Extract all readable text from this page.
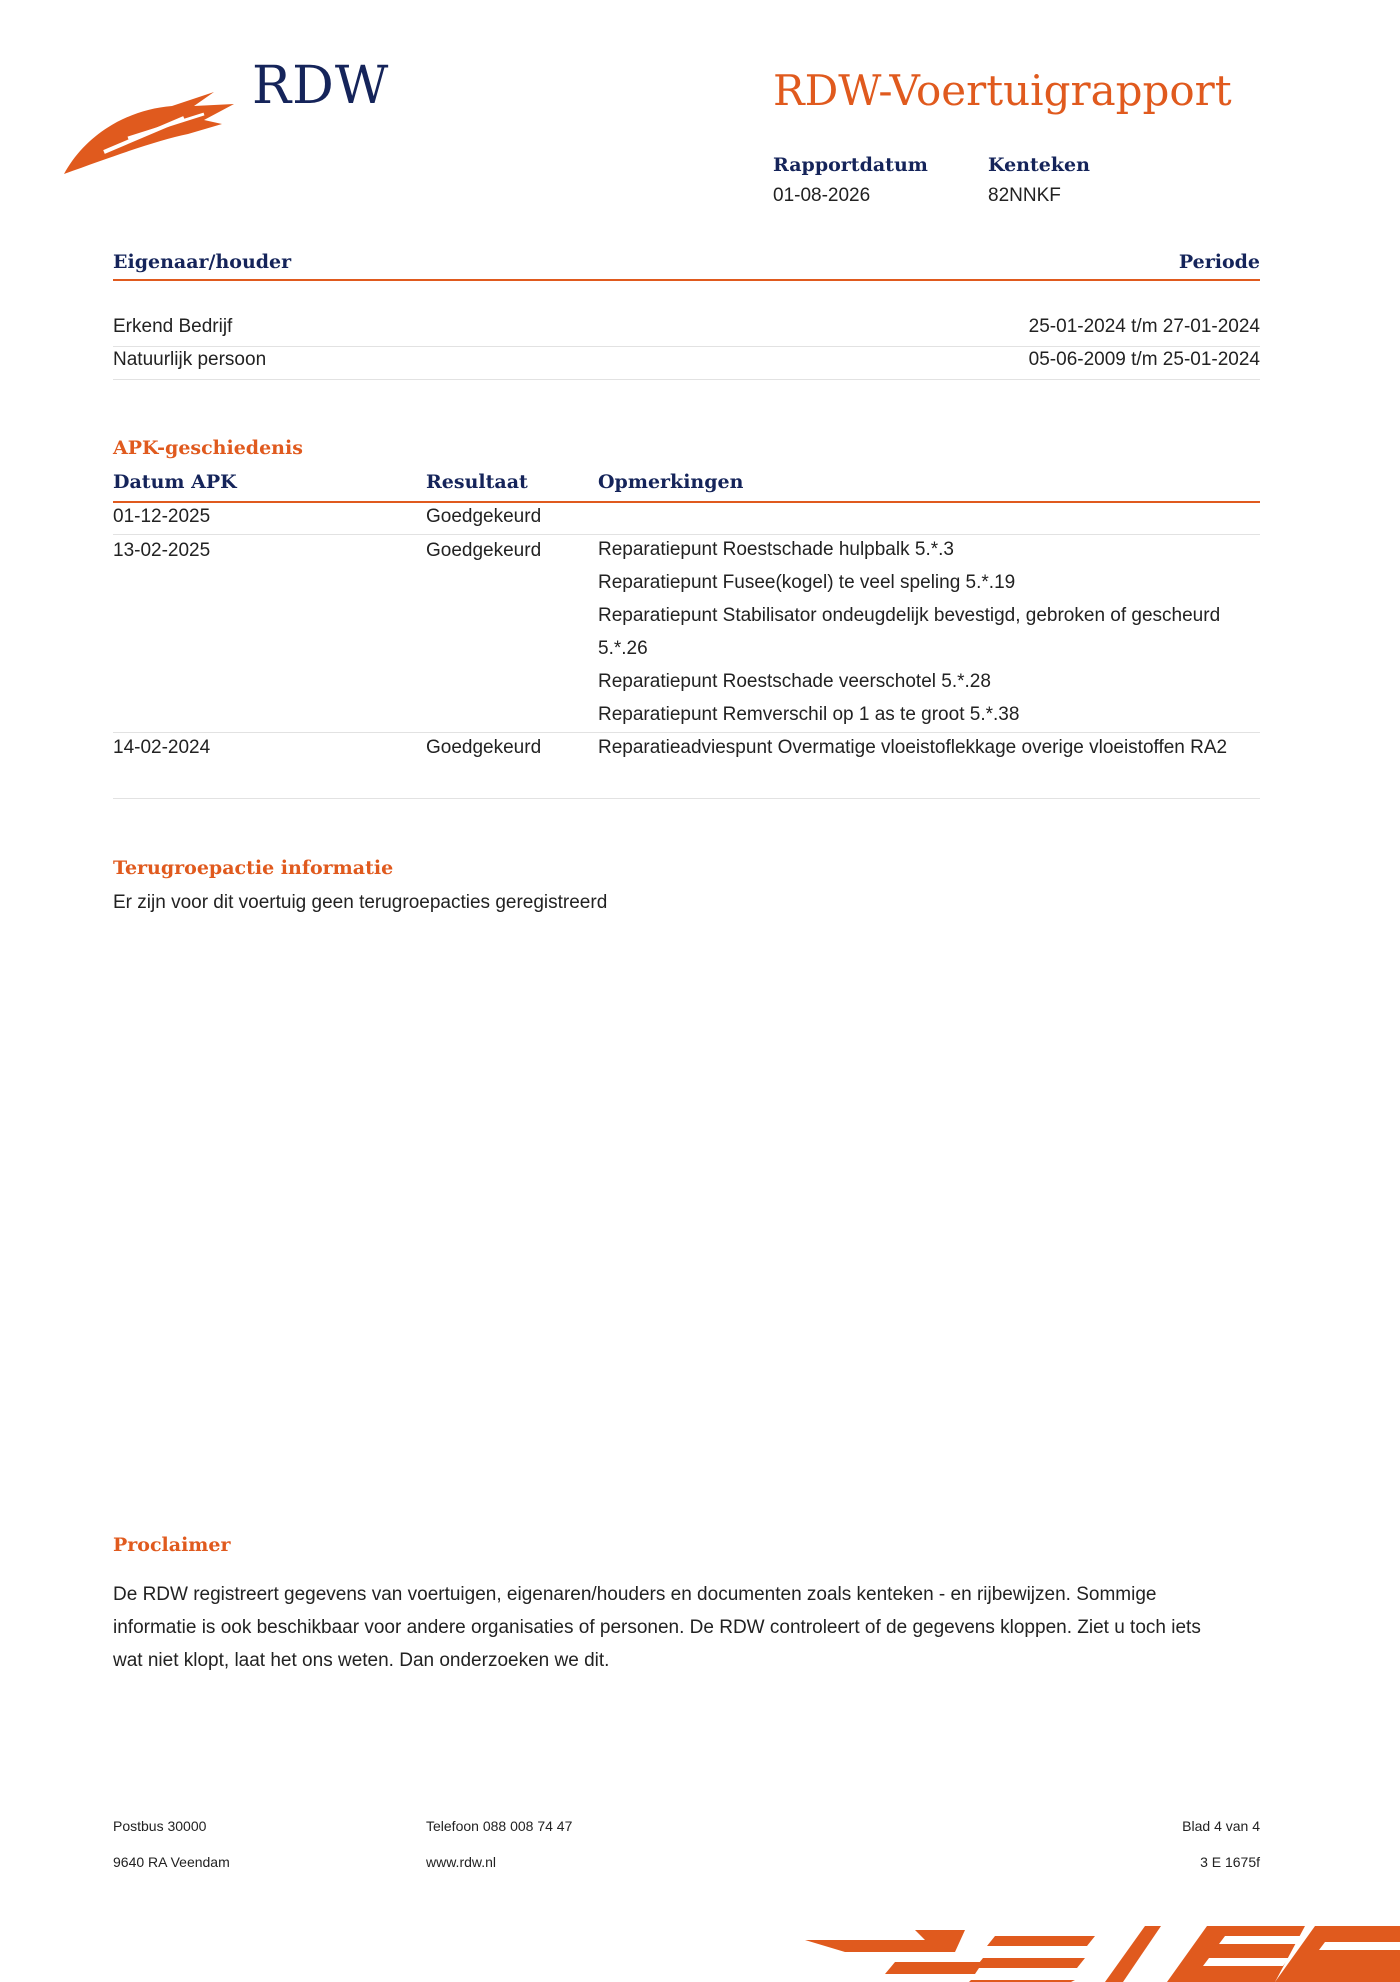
RDW	RDW-Voertuigrapport
Rapportdatum
01-08-2026
Kenteken
82NNKF
Eigenaar/houder	Periode
Erkend Bedrijf	25-01-2024 t/m 27-01-2024
Natuurlijk persoon	05-06-2009 t/m 25-01-2024
APK-geschiedenis
Datum APK	Resultaat	Opmerkingen
01-12-2025	Goedgekeurd
13-02-2025	Goedgekeurd	Reparatiepunt Roestschade hulpbalk 5.*.3
Reparatiepunt Fusee(kogel) te veel speling 5.*.19
Reparatiepunt Stabilisator ondeugdelijk bevestigd, gebroken of gescheurd 5.*.26
Reparatiepunt Roestschade veerschotel 5.*.28
Reparatiepunt Remverschil op 1 as te groot 5.*.38
14-02-2024	Goedgekeurd	Reparatieadviespunt Overmatige vloeistoflekkage overige vloeistoffen RA2
Terugroepactie informatie
Er zijn voor dit voertuig geen terugroepacties geregistreerd
Proclaimer
De RDW registreert gegevens van voertuigen, eigenaren/houders en documenten zoals kenteken - en rijbewijzen. Sommige informatie is ook beschikbaar voor andere organisaties of personen. De RDW controleert of de gegevens kloppen. Ziet u toch iets wat niet klopt, laat het ons weten. Dan onderzoeken we dit.
Postbus 30000
9640 RA Veendam
Telefoon 088 008 74 47
www.rdw.nl
Blad 4 van 4
3 E 1675f
